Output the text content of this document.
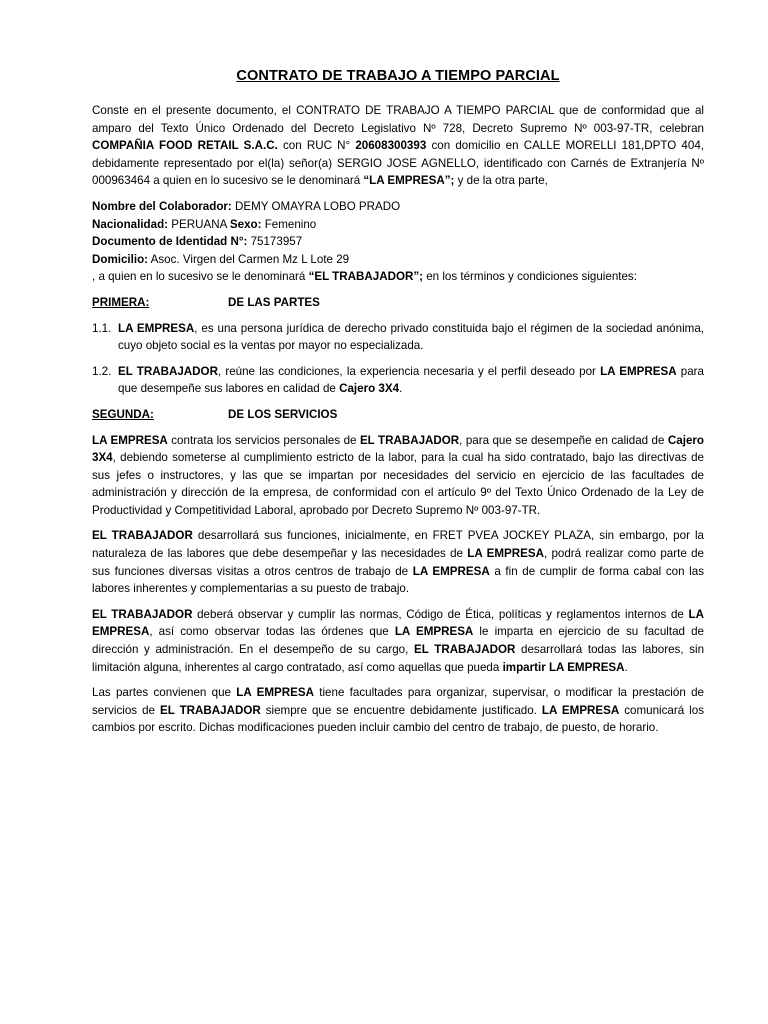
CONTRATO DE TRABAJO A TIEMPO PARCIAL

Conste en el presente documento, el CONTRATO DE TRABAJO A TIEMPO PARCIAL que de conformidad que al amparo del Texto Único Ordenado del Decreto Legislativo Nº 728, Decreto Supremo Nº 003-97-TR, celebran COMPAÑIA FOOD RETAIL S.A.C. con RUC N° 20608300393 con domicilio en CALLE MORELLI 181,DPTO 404, debidamente representado por el(la) señor(a) SERGIO JOSE AGNELLO, identificado con Carnés de Extranjería Nº 000963464 a quien en lo sucesivo se le denominará “LA EMPRESA”; y de la otra parte,

Nombre del Colaborador: DEMY OMAYRA LOBO PRADO
Nacionalidad: PERUANA Sexo: Femenino
Documento de Identidad N°: 75173957
Domicilio: Asoc. Virgen del Carmen Mz L Lote 29
, a quien en lo sucesivo se le denominará “EL TRABAJADOR”; en los términos y condiciones siguientes:
PRIMERA:	DE LAS PARTES
1.1. LA EMPRESA, es una persona jurídica de derecho privado constituida bajo el régimen de la sociedad anónima, cuyo objeto social es la ventas por mayor no especializada.
1.2. EL TRABAJADOR, reúne las condiciones, la experiencia necesaria y el perfil deseado por LA EMPRESA para que desempeñe sus labores en calidad de Cajero 3X4.
SEGUNDA:	DE LOS SERVICIOS

LA EMPRESA contrata los servicios personales de EL TRABAJADOR, para que se desempeñe en calidad de Cajero 3X4, debiendo someterse al cumplimiento estricto de la labor, para la cual ha sido contratado, bajo las directivas de sus jefes o instructores, y las que se impartan por necesidades del servicio en ejercicio de las facultades de administración y dirección de la empresa, de conformidad con el artículo 9º del Texto Único Ordenado de la Ley de Productividad y Competitividad Laboral, aprobado por Decreto Supremo Nº 003-97-TR.

EL TRABAJADOR desarrollará sus funciones, inicialmente, en FRET PVEA JOCKEY PLAZA, sin embargo, por la naturaleza de las labores que debe desempeñar y las necesidades de LA EMPRESA, podrá realizar como parte de sus funciones diversas visitas a otros centros de trabajo de LA EMPRESA a fin de cumplir de forma cabal con las labores inherentes y complementarias a su puesto de trabajo.

EL TRABAJADOR deberá observar y cumplir las normas, Código de Ética, políticas y reglamentos internos de LA EMPRESA, así como observar todas las órdenes que LA EMPRESA le imparta en ejercicio de su facultad de dirección y administración. En el desempeño de su cargo, EL TRABAJADOR desarrollará todas las labores, sin limitación alguna, inherentes al cargo contratado, así como aquellas que pueda impartir LA EMPRESA.

Las partes convienen que LA EMPRESA tiene facultades para organizar, supervisar, o modificar la prestación de servicios de EL TRABAJADOR siempre que se encuentre debidamente justificado. LA EMPRESA comunicará los cambios por escrito. Dichas modificaciones pueden incluir cambio del centro de trabajo, de puesto, de horario.
